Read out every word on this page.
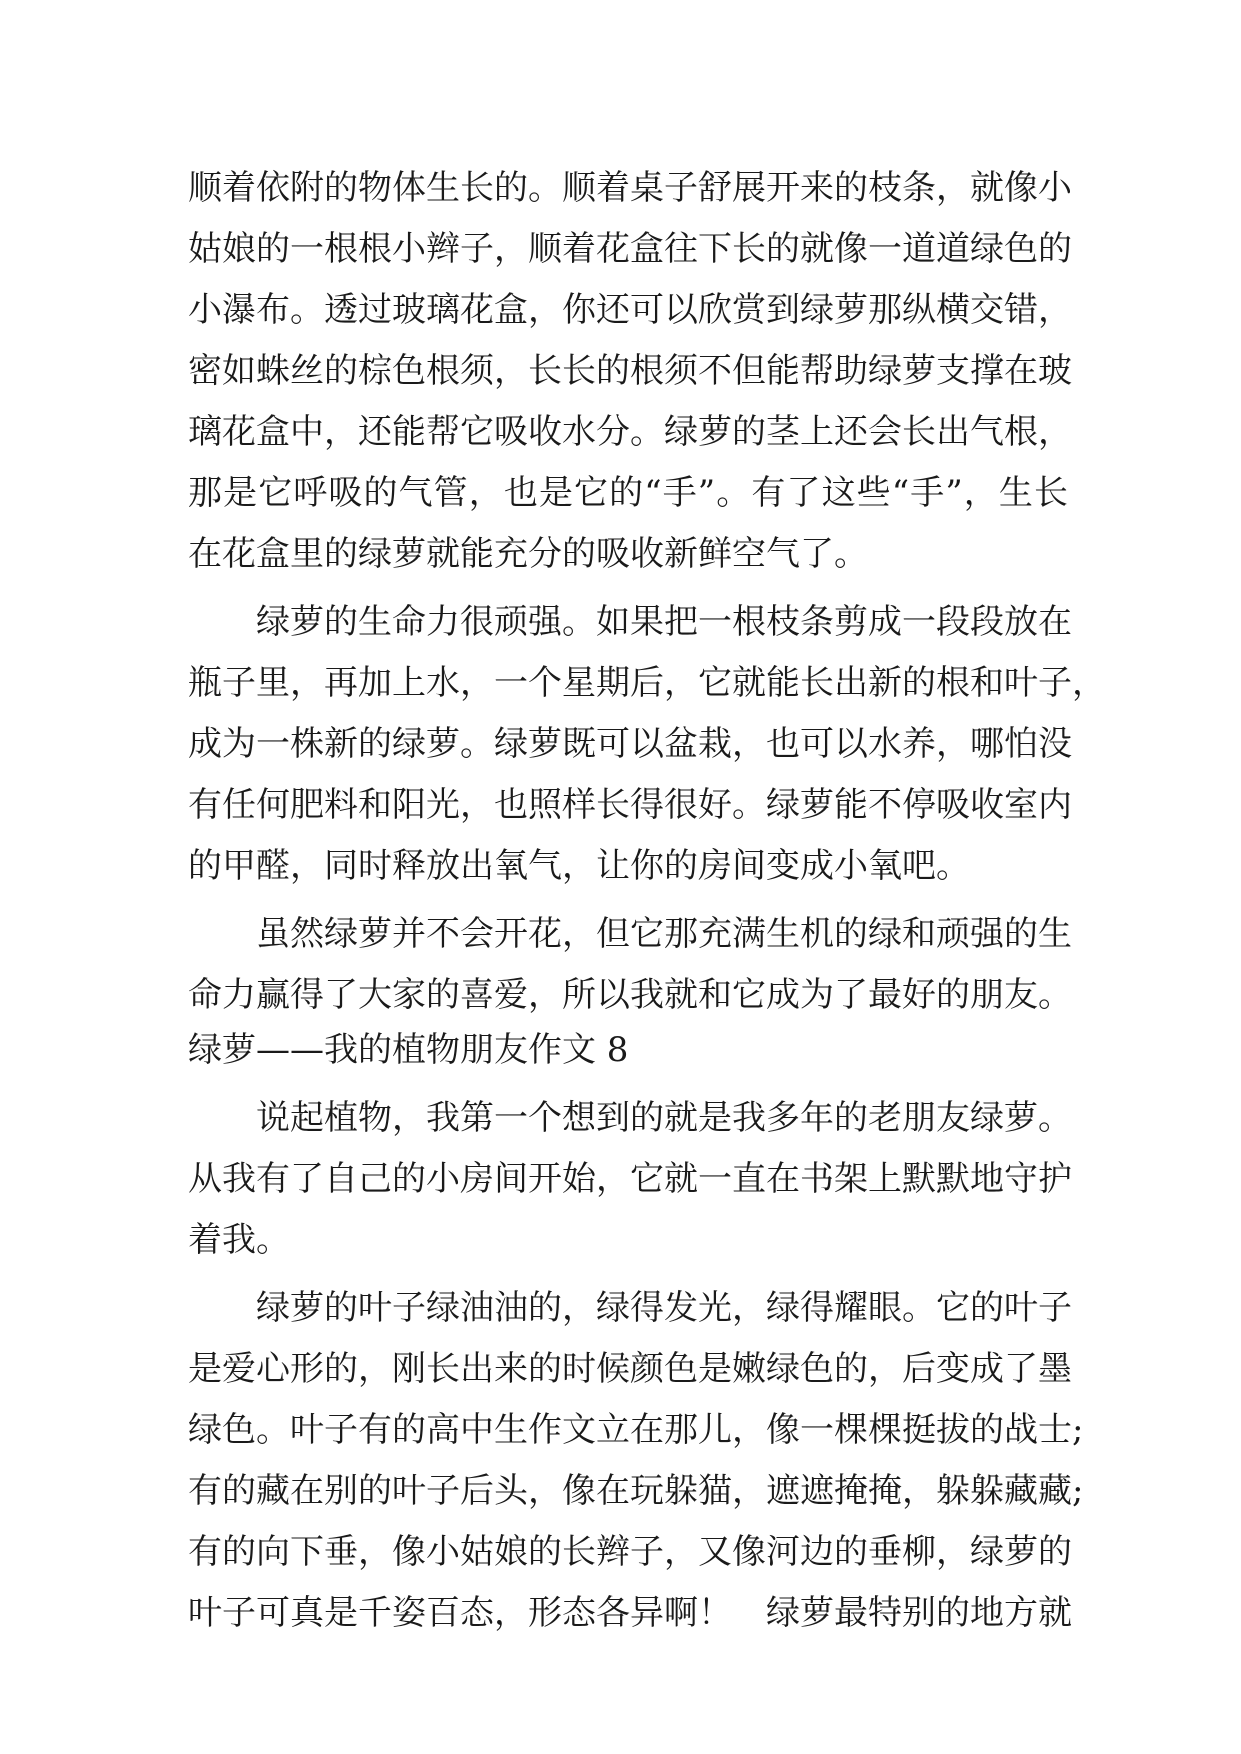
顺着依附的物体生长的。顺着桌子舒展开来的枝条，就像小
姑娘的一根根小辫子，顺着花盒往下长的就像一道道绿色的
小瀑布。透过玻璃花盒，你还可以欣赏到绿萝那纵横交错，
密如蛛丝的棕色根须，长长的根须不但能帮助绿萝支撑在玻
璃花盒中，还能帮它吸收水分。绿萝的茎上还会长出气根，
那是它呼吸的气管，也是它的“手”。有了这些“手”，生长
在花盒里的绿萝就能充分的吸收新鲜空气了。
绿萝的生命力很顽强。如果把一根枝条剪成一段段放在
瓶子里，再加上水，一个星期后，它就能长出新的根和叶子，
成为一株新的绿萝。绿萝既可以盆栽，也可以水养，哪怕没
有任何肥料和阳光，也照样长得很好。绿萝能不停吸收室内
的甲醛，同时释放出氧气，让你的房间变成小氧吧。
虽然绿萝并不会开花，但它那充满生机的绿和顽强的生
命力赢得了大家的喜爱，所以我就和它成为了最好的朋友。
绿萝——我的植物朋友作文 8
说起植物，我第一个想到的就是我多年的老朋友绿萝。
从我有了自己的小房间开始，它就一直在书架上默默地守护
着我。
绿萝的叶子绿油油的，绿得发光，绿得耀眼。它的叶子
是爱心形的，刚长出来的时候颜色是嫩绿色的，后变成了墨
绿色。叶子有的高中生作文立在那儿，像一棵棵挺拔的战士;
有的藏在别的叶子后头，像在玩躲猫，遮遮掩掩，躲躲藏藏;
有的向下垂，像小姑娘的长辫子，又像河边的垂柳，绿萝的
叶子可真是千姿百态，形态各异啊！　绿萝最特别的地方就
